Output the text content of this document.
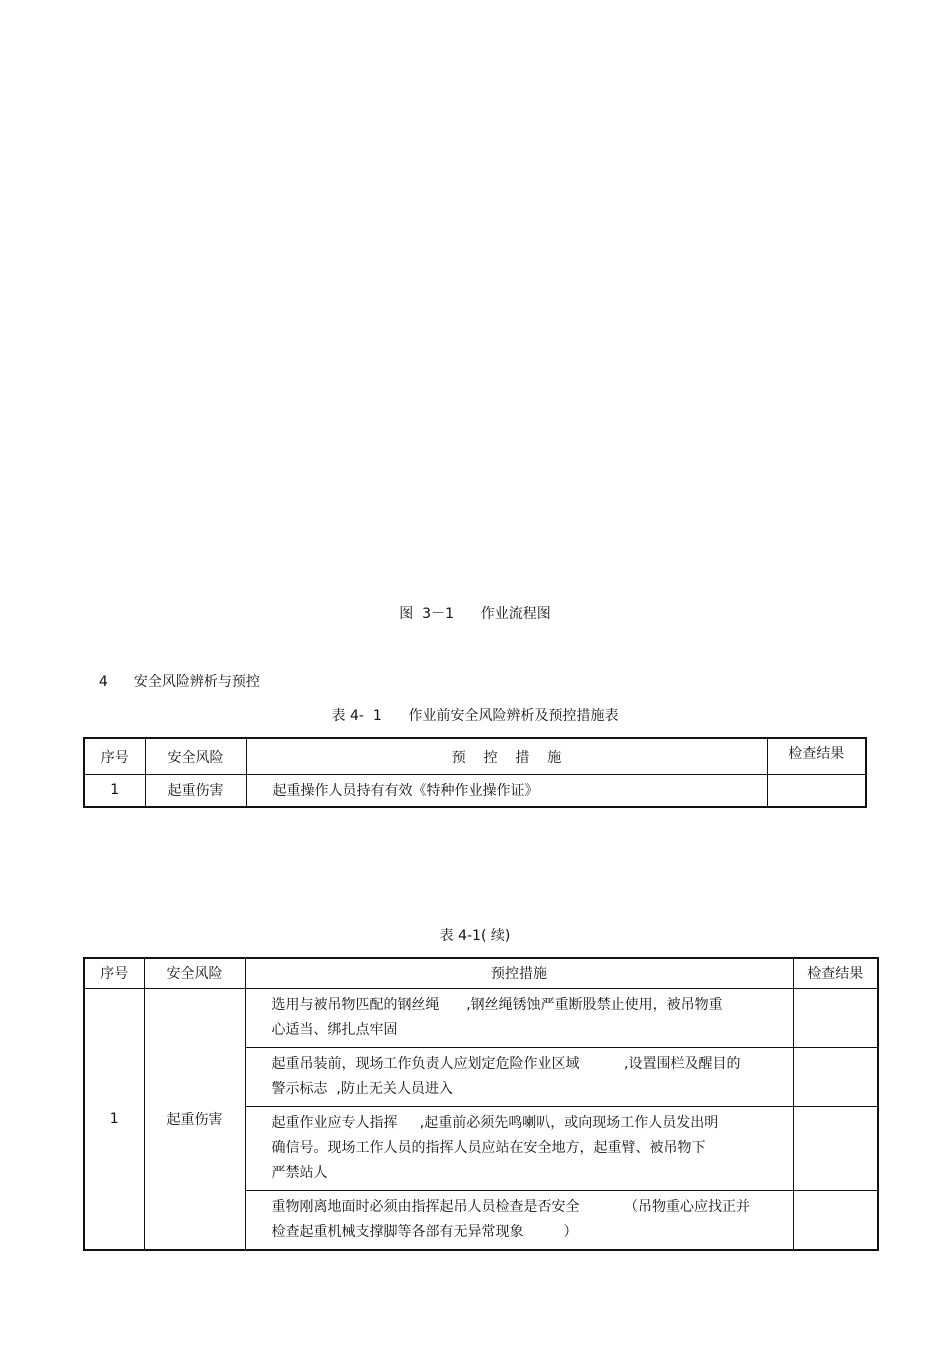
图  3－1      作业流程图

4 安全风险辨析与预控

表 4-  1      作业前安全风险辨析及预控措施表
序号	安全风险	预    控    措    施	检查结果
1	起重伤害	起重操作人员持有有效《特种作业操作证》	
表 4-1( 续)
序号	安全风险	预控措施	检查结果
1	起重伤害	选用与被吊物匹配的钢丝绳      ,钢丝绳锈蚀严重断股禁止使用，被吊物重
心适当、绑扎点牢固	
		起重吊装前，现场工作负责人应划定危险作业区域          ,设置围栏及醒目的
警示标志  ,防止无关人员进入	
		起重作业应专人指挥     ,起重前必须先鸣喇叭，或向现场工作人员发出明
确信号。现场工作人员的指挥人员应站在安全地方，起重臂、被吊物下
严禁站人	
		重物刚离地面时必须由指挥起吊人员检查是否安全          （吊物重心应找正并
检查起重机械支撑脚等各部有无异常现象         ）	
